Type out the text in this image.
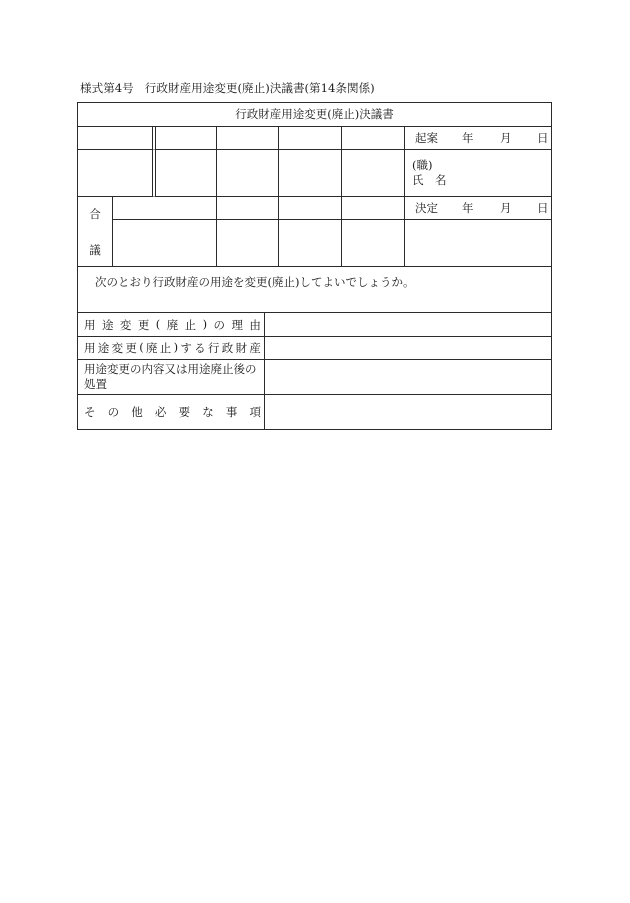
様式第4号 行政財産用途変更(廃止)決議書(第14条関係)
行政財産用途変更(廃止)決議書
起案 年 月 日
(職)
氏　名
合
議
決定 年 月 日
次のとおり行政財産の用途を変更(廃止)してよいでしょうか。
用 途 変 更 ( 廃 止 ) の 理 由
用 途 変 更 ( 廃 止 ) す る 行 政 財 産
用途変更の内容又は用途廃止後の処置
そ の 他 必 要 な 事 項
